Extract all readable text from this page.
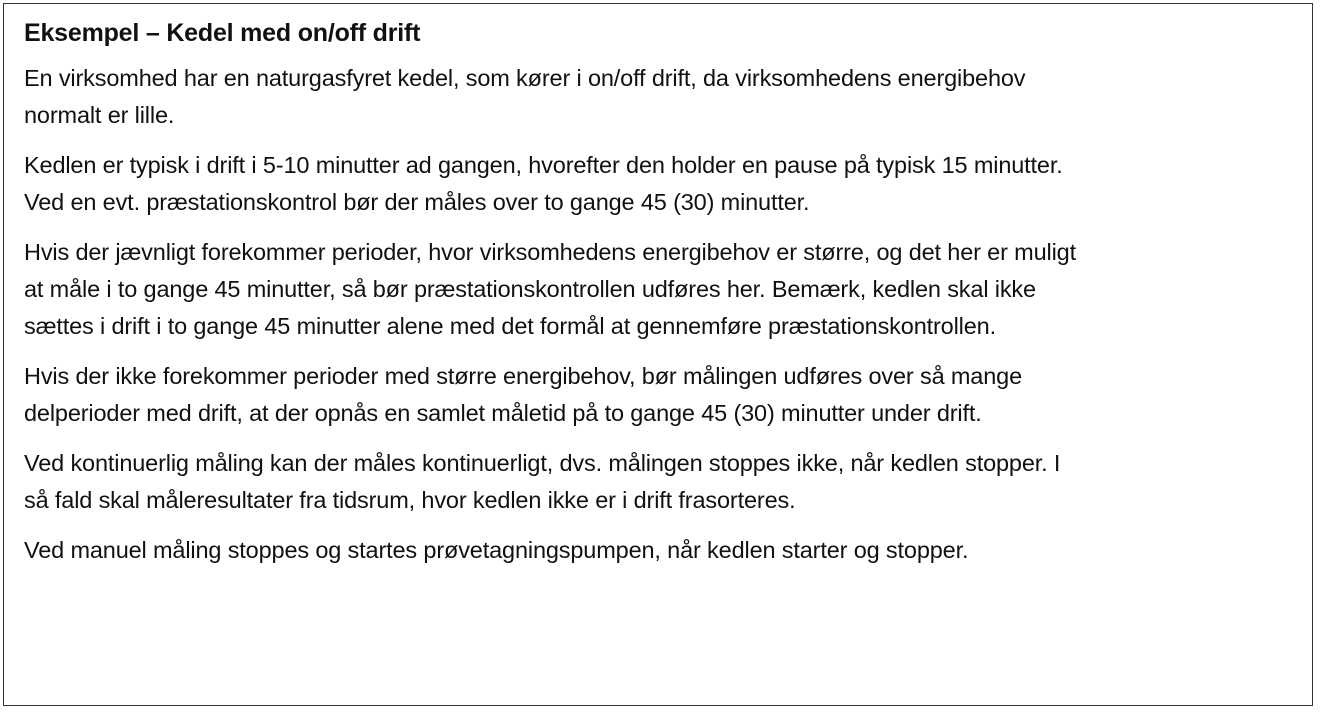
Eksempel – Kedel med on/off drift

En virksomhed har en naturgasfyret kedel, som kører i on/off drift, da virksomhedens energibehov
normalt er lille.

Kedlen er typisk i drift i 5-10 minutter ad gangen, hvorefter den holder en pause på typisk 15 minutter.
Ved en evt. præstationskontrol bør der måles over to gange 45 (30) minutter.

Hvis der jævnligt forekommer perioder, hvor virksomhedens energibehov er større, og det her er muligt
at måle i to gange 45 minutter, så bør præstationskontrollen udføres her. Bemærk, kedlen skal ikke
sættes i drift i to gange 45 minutter alene med det formål at gennemføre præstationskontrollen.

Hvis der ikke forekommer perioder med større energibehov, bør målingen udføres over så mange
delperioder med drift, at der opnås en samlet måletid på to gange 45 (30) minutter under drift.

Ved kontinuerlig måling kan der måles kontinuerligt, dvs. målingen stoppes ikke, når kedlen stopper. I
så fald skal måleresultater fra tidsrum, hvor kedlen ikke er i drift frasorteres.

Ved manuel måling stoppes og startes prøvetagningspumpen, når kedlen starter og stopper.
